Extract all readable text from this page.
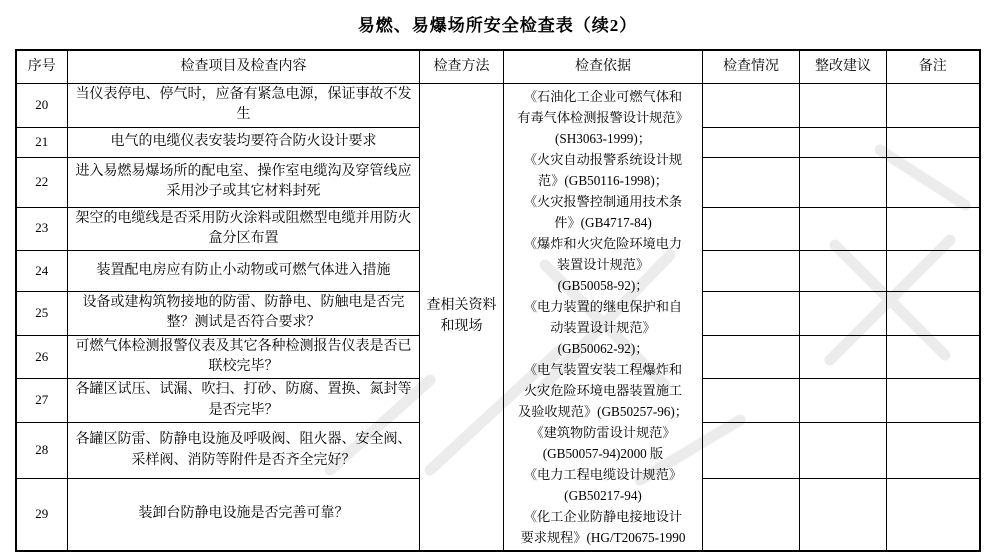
易燃、易爆场所安全检查表（续2）
序号	检查项目及检查内容	检查方法	检查依据	检查情况	整改建议	备注
20	当仪表停电、停气时，应备有紧急电源，保证事故不发生	查相关资料和现场	
《石油化工企业可燃气体和
有毒气体检测报警设计规范》
(SH3063-1999)；
《火灾自动报警系统设计规
范》(GB50116-1998)；
《火灾报警控制通用技术条
件》(GB4717-84)
《爆炸和火灾危险环境电力
装置设计规范》
(GB50058-92)；
《电力装置的继电保护和自
动装置设计规范》
(GB50062-92)；
《电气装置安装工程爆炸和
火灾危险环境电器装置施工
及验收规范》(GB50257-96)；
《建筑物防雷设计规范》
(GB50057-94)2000 版
《电力工程电缆设计规范》
(GB50217-94)
《化工企业防静电接地设计
要求规程》(HG/T20675-1990

21	电气的电缆仪表安装均要符合防火设计要求					
22	进入易燃易爆场所的配电室、操作室电缆沟及穿管线应采用沙子或其它材料封死					
23	架空的电缆线是否采用防火涂料或阻燃型电缆并用防火盒分区布置					
24	装置配电房应有防止小动物或可燃气体进入措施					
25	设备或建构筑物接地的防雷、防静电、防触电是否完整？测试是否符合要求？					
26	可燃气体检测报警仪表及其它各种检测报告仪表是否已联校完毕？					
27	各罐区试压、试漏、吹扫、打砂、防腐、置换、氮封等是否完毕？					
28	各罐区防雷、防静电设施及呼吸阀、阻火器、安全阀、采样阀、消防等附件是否齐全完好？					
29	装卸台防静电设施是否完善可靠？					
